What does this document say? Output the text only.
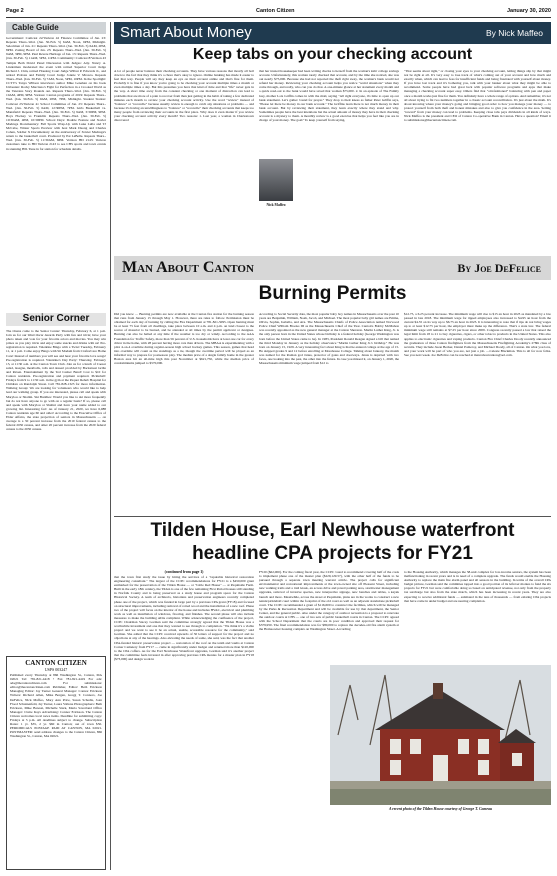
Page 2	Canton Citizen	January 30, 2020
Cable Guide
Government: Comcast 22/Verizon 42 Finance Committee of Jan. 23: Repeats Thurs.-Wed. (Jan. 30-Feb. 5) 6AM, Noon, 6PM, Midnight. Selectmen of Jan. 21: Repeats Thurs.-Wed. (Jan. 30-Feb. 5) 6AM, 2PM, 8PM. Zoning Board of Jan. 23: Repeats Thurs.-Wed. (Jan. 30-Feb. 5) 9AM, 3PM, 9PM. Paul Revere Heritage of Jan. 13: Repeats Thurs.-Wed. (Jan. 30-Feb. 5) 11AM, 5PM, 11PM. Community: Comcast 8/Verizon 43 Temple Beth David Panel Discussion with Judges: Atty. Nancy A. Linderman moderated the event with retired Superior Court Judge Richard J. Chin, retired Housing Court Judge Wilbur P. Edwards Jr., and retired Probate and Family Court Judge Jonnie V. Mroszo. Repeats Thurs.-Wed. (Jan. 30-Feb. 5) 7AM, Noon, 5PM, 10PM. In the Spotlight: CCTV's Tanya Willson interviews author Mike Lenehan on his book Unbeaten: Rocky Marciano's Fight for Perfection in a Crooked World as the Veterans Story Rounds out. Repeats Thurs.-Wed. (Jan. 30-Feb. 5) 10AM, 4PM, 9PM. Various: Canton programs of 2019: Repeats Thurs.-Wed. (Jan. 30-Feb. 5) 9AM, 2PM, 7PM, Midnight. Student Station: Comcast 23/Verizon 41 School Committee of Jan. 23: Repeats Thurs.-Wed. (Jan. 30-Feb. 5) 6AM, 12:30PM, 7PM. Girls Basketball vs. Mansfield: Repeats Thurs.-Wed. (Jan. 30-Feb. 5) 9AM, 3:30PM, 9PM. Boys Hockey vs Franklin: Repeats Thurs.-Wed. (Jan. 30-Feb. 5) 10:30AM, 4PM, 10:30PM. School Days: Double Feature and Xavier Madruga Documentary: Full Sports Wrap-Up with Luke Lulla and TJ McCabe, Winter Sports Preview with host Mark Duong and Charles Cohen, Soldier X Documentary on the anniversary of Xavier Madruga's return to the basketball court. Produced by Pat LaBelle. Repeats Thurs.-Wed. (Jan. 30-Feb. 5) 11:30AM, 6PM. Verizon HD 2143: Verizon customers tune to HD Verizon 2143 to see CHS sports and town events in stunning HD. Tune in for station for schedule details.
Senior Corner
The Oxens come to the Senior Center: Thursday, February 6, at 1 p.m. Join us for our 92nd Oscar Awards Party with fun and trivia; have your photo taken and vote for your favorite actors and movies. You may win prizes as you play trivia and enjoy some snacks and drinks with us! Pre-registration is required. Valentine Bingo with a Twist: Tuesday, February 11, at 1 p.m. Come enjoy Bingo with Sit Madam from CraftorCare Home Care! Instead of numbers you will see and hear your favorite love songs! Pre-registration is required. Valentine's Day Party: Thursday, February 13, at 11:30 a.m. at the Canton Town Club. Join us for a lunch of Caesar salad, lasagna, meatballs, rolls and dessert provided by Backstreet Grille and Raven. Entertainment by the Ted Casher Band! Cost is $10 for Canton residents. Pre-registration and payment required. Pickleball: Fridays from 9 to 11:30 a.m. in the gym at the Pequot Rehab Hospital for Children on Randolph Street. Call 781-828-1323 for more information. Walking Group: We are looking for volunteers who would like to help lead our walking group. If you are interested, please call and speak with Marylou or Shalini. Ski Buddies: Would you like to ski more frequently but do not have anyone to go with on a regular basis? If so, please call and speak with Marylou or Shalini and have your name added to our growing list. Interesting fact: As of January 21, 2020, we have 6,088 Canton residents age 60 and older! According to the Executive Office of Elder Affairs, the state projection of seniors in Massachusetts — on average is a 30 percent increase from the 2010 federal census to the federal 2030 census, and other 20 percent increase from the 2020 federal census to the 2030 census.
CANTON CITIZEN
USPS 003247
Published every Thursday at 866 Washington St., Canton, MA 02021 Tel: 781-821-4418 • Fax 781-821-4419 For ads: ads@thecantoncitizen.com For submissions: editor@thecantoncitizen.com Publisher, Editor: Beth Erickson Managing Editor: Jay Turner General Manager: Connor Erickson Writers: Richard Allen, Mike Bergen, Gregg T. Connors, Joe DeFelice, Nick Maffeo, Mary Ann Price, Susan Schadle, Joan Flood Schutzenfeld, Jay Turner, Laura Vallone Photographers: Beth Erickson, Mike Baressi, Michelle Stark, Maria Saverland Office Manager: Claire Kays Advertising: Connor Erickson. The Canton Citizen welcomes local news items. Deadline for submitting copy: Fridays at 5 p.m. All deadlines subject to change. Subscription Rates: 1 yr. $35, 2 yr. $60 in Canton; out of town $50. PERIODICALS POSTAGE PAID AT CANTON, MA 02021. POSTMASTER: send address changes to the Canton Citizen, 866 Washington St., Canton, MA 02021.
Smart About Money	By Nick Maffeo
Keep tabs on your checking account
A lot of people never balance their checking accounts. They have various reasons that mostly all boil down to the fact that they think it's a chore that's okay to ignore. Online banking has made it easier to feel that way. People will say they keep an eye on their account online and that's fine for them. Probably it is fine if you know you're going to be checking your account multiple times a month or even multiple times a day. But this presumes you have that kind of time and that "life" never gets in the way. A short time away from the constant checking or one moment of distraction can lead to problems that are more of a pain to recover from than just getting in the habit of taking a few dedicated minutes each month to review your checking account activity. Use the word "review" instead of "balance" or "reconcile" because usually review is enough to catch any situations or problems — and because it's having an unwillingness to "balance" or "reconcile" their checking accounts that keeps too many people from reviewing their accounts in the first place. Why does it even matter if you review your checking account activity every month? Two reasons: 1. Last year, a woman in Charlestown discovered
Nick Maffeo
that her trusted housekeeper had been writing checks to herself from the woman's kids' college savings account. Unfortunately, this woman rarely checked that account, and by the time she noticed, she was out nearly $75,000. Because she had not reported the theft right away, the woman's bank would not refund her money. Reviewing your checking account helps you notice "weird situations" when they come through, and really, who can you do that. A one-minute glance at her statement every month and a quick read-out to the bank would have saved that woman $75,000. 2. In an episode of The Family Guy, mother Lois Griffin comes in with the mail, saying "All right everyone, it's time to open up our bank statement. Let's gather 'round for prayer." They drop to their knees as father Peter Griffin says, "Please let there be money in our bank account." The Griffins learn there is not much money in their bank account. But by reviewing their statement, they learn exactly where they stand and why. Sometimes people have the best intentions but the actual amount of money they have in their checking account is a mystery to them. A monthly review is a good exercise that helps you feel like you are in charge of your money. The goal? To keep yourself from saying,
"That seems about right," or closing your eyes to your checking account, letting things slip by that might not be right at all. It's very easy to lose track of what's coming out of your account and how much and exactly when, which can lead to fees for insufficient funds and being frustrated with yourself about money. If you have lost track and it's bothering you, talk with your banker about what they might be able to recommend. Some people have had great luck with popular software programs and apps that make managing a checking account super easy. Others find that "old-fashioned" balancing with pen and paper once a month works just fine for them. You definitely have a whole range of options. And remember, it's not all about trying to fix two numbers together in a classic account reconciliation. It's just about the math. It's about knowing where your money's going and bringing good order to how you manage your money — to protect yourself from both theft and honest mistakes and also to give you confidence in the area. Setting "reward" from your money can lead to problems. Keeping close tabs pays dividends in all kinds of ways. Nick Maffeo is the president and CEO of Canton Co-operative Bank in Canton. Have a question? Email it to submissions@thecantoncitizen.com.
Man About Canton	By Joe DeFelice
Burning Permits
Did you know … Burning permits are now available at the Canton fire station for the burning season that runs from January 15 through May 1. However, there are rules to follow. Permission must be obtained for each day of burning by calling the Fire Department at 781-821-5095. Open burning must be at least 75 feet from all dwellings, take place between 10 a.m. and 4 p.m. on land closest to the source of material to be burned, and be attended at all times by the permit applicant or designee. Burning can also be halted at any time if the weather is too dry or windy. According to the AAA Foundation for Traffic Safety, more than 56 percent of U.S. households have at least one car for every driver in the home, with 28 percent having more cars than drivers. The MBAA is experimenting with a pilot 4-on-4 overtime during regular-season high school hockey games. This season, games that head into overtime will count as the standings as a tie, though the overtime period will be played as an informal way to prepare for postseason play. The median price of a single family home in the greater Boston area hit an all-time high this past November at $621,750, while the median price of condominiums jumped to $570,000.
According to Social Security data, the most popular baby boy names in Massachusetts over the past 10 years are Benjamin, William, Noah, Jacob, and Michael. The most popular baby girl names are Emma, Olivia, Sophia, Isabella, and Ava. The Massachusetts Chiefs of Police Association named Norwood Police Chief William Brooks III as the Massachusetts Chief of the Year. Canton's Bobby McMahon was recently appointed as the new general manager at the Canton Sheraton. Martin Luther King, Jr. is the only person born in the United States whose birthday is a federal holiday (George Washington was born before the United States came to be). In 1983, President Ronald Reagan signed a bill that named the third Monday in January as the holiday observance "Martin Luther King Jr.'s birthday." He was born on January 15, 1929. A very interesting fact about King is that he entered college at the age of 15. He skipped grades 9 and 12 before enrolling at Morehouse College. Talking about January, the month was named for the Roman god Janus, protector of gates and doorways. Janus is depicted with two faces, one looking into the past, the other into the future. In case you missed it, on January 1, 2020, the Massachusetts minimum wage jumped from $12 to
$12.75, a 6.25 percent increase. The minimum wage will rise to $15 an hour in 2023 as mandated by a law passed in late 2018. The minimum wage for tipped employees also increased to $4.95 an hour from the current $4.35 on its way up to $6.75 an hour in 2023. It is interesting to note that if tips do not bring wages up to at least $12.75 per hour, the employer must make up the difference. That's a state law. The federal minimum wage still remains at $7.25 per hour since 2009. Congress recently passed a law that raised the legal limit from 18 to 21 to buy cigarettes, cigars, or other tobacco products in the United States. This also applies to electronic cigarettes and vaping products. Canton Fire Chief Charles Doody recently announced the graduation of three Canton firefighters from the Massachusetts Firefighting Academy's 278th class of recruits. They include Jason Becker, Daniel Pomeroy, and Michael Doody, all of Canton. On what you love, and your work will be part of who you are, not just a job. —Celeste Blackman. This is all for now folks. See you next week. Joe DeFelice can be reached at mancaboutcanton@aol.com.
Tilden House, Earl Newhouse waterfront
headline CPA projects for FY21
(continued from page 1)
that the town first study the issue by hiring the services of a "reputable historical restoration engineering consultant." The largest of the CCPC recommendations for FY21 is a $450,000 grant earmarked for the preservation of the Tilden House — or "Little Red House" — at Pequitside Farm. Built in the early 18th century, the Tilden is one of the few remaining First Period houses still standing in Norfolk County and is being preserved as a study house and program space for the Canton Historical Society. A team of architects, historians and preservation engineers recently completed phase one of the project, which was funded in large part by a previous CPA grant (FY18) and focused on structural improvements, including removal of rotted wood and the installation of a new roof. Phase two of the project will focus on the interior of the house and includes HVAC, electrical and plumbing work as well as installation of windows, flooring, and finishes. The second phase will also include measures to make the building ADA compliant. While acknowledging the confluence of the project, CCPC Chairman Stacey Gorman said the committee strongly agreed that the Tilden House was a worthwhile investment and one that they wanted to see through to completion. "We think it's a viable project and we want to see it be an actual, usable, accessible resource for the community," said Gorman. She added that the CCPC received upwards of 30 letters of support for the project and no objections at any of the hearings. Also elevating the needs of some, she said, was the fact that another CPA-funded historic preservation project — restoration of the roof on the tenth and vaults at Canton Corner Cemetery from FY17 — came in significantly under budget and returned more than $120,000 to the CPA coffers. As for the Earl Newhouse Waterfront upgrades, Gorman said it's another project that the committee feels invested in after approving previous CPA monies for a master plan in FY18 ($73,000) and design work in
FY20 ($62,000). For the coming fiscal year, the CCPC voted to recommend covering half of the costs to implement phase one of the master plan ($229,129.57), with the other half of the funds to be pursued through a separate town meeting warrant article. The project calls for significant environmental and recreational improvements at the town-owned site off Pleasant Street, including new walking trails and a trail kiosk, an access drive and paved parking area, stormwater management upgrades, removal of invasive species, new interpretive signage, new benches and tables, a kayak launch and more. Meanwhile, across the street at Pequitside, plans are in the works to construct a new tennis/pickleball court within the footprint of the old court as well as an adjacent standalone pickleball court. The CCPC recommended a grant of $116,600 to construct the facilities, which will be managed by the Parks & Recreation Department and will be available for use by that department, the Senior Center, and the general public. Also under the category of outdoor recreation is a proposal to renovate the outdoor courts at CHS — one of two sets of public basketball courts in Canton. The CCPC agreed with the School Department that the courts are in poor condition and approved their request for $379,950. The final recommendation was for $80,000 to replace the decades-old fire alarm system at the Homeowner housing complex on Washington Street. According
A recent photo of the Tilden House courtesy of George T. Comeau
to the Housing Authority, which manages the 58-unit complex for low-income seniors, the system has been malfunctioning in recent years and is in need of a complete upgrade. The funds would enable the Housing Authority to replace the main fire alarm panel and all sensors in the building. In terms of the overall CPA budget picture, Gorman said the committee tapped into a good portion of its leftover monies to fund the six projects for FY21 but were comfortable doing so based on anticipated revenue, not only from the property tax surcharge but also from the state match, which has been increasing in recent years. They are also expecting to receive additional funds — estimated in the tens of thousands — from existing CPA projects that have come in under budget and are nearing completion.
